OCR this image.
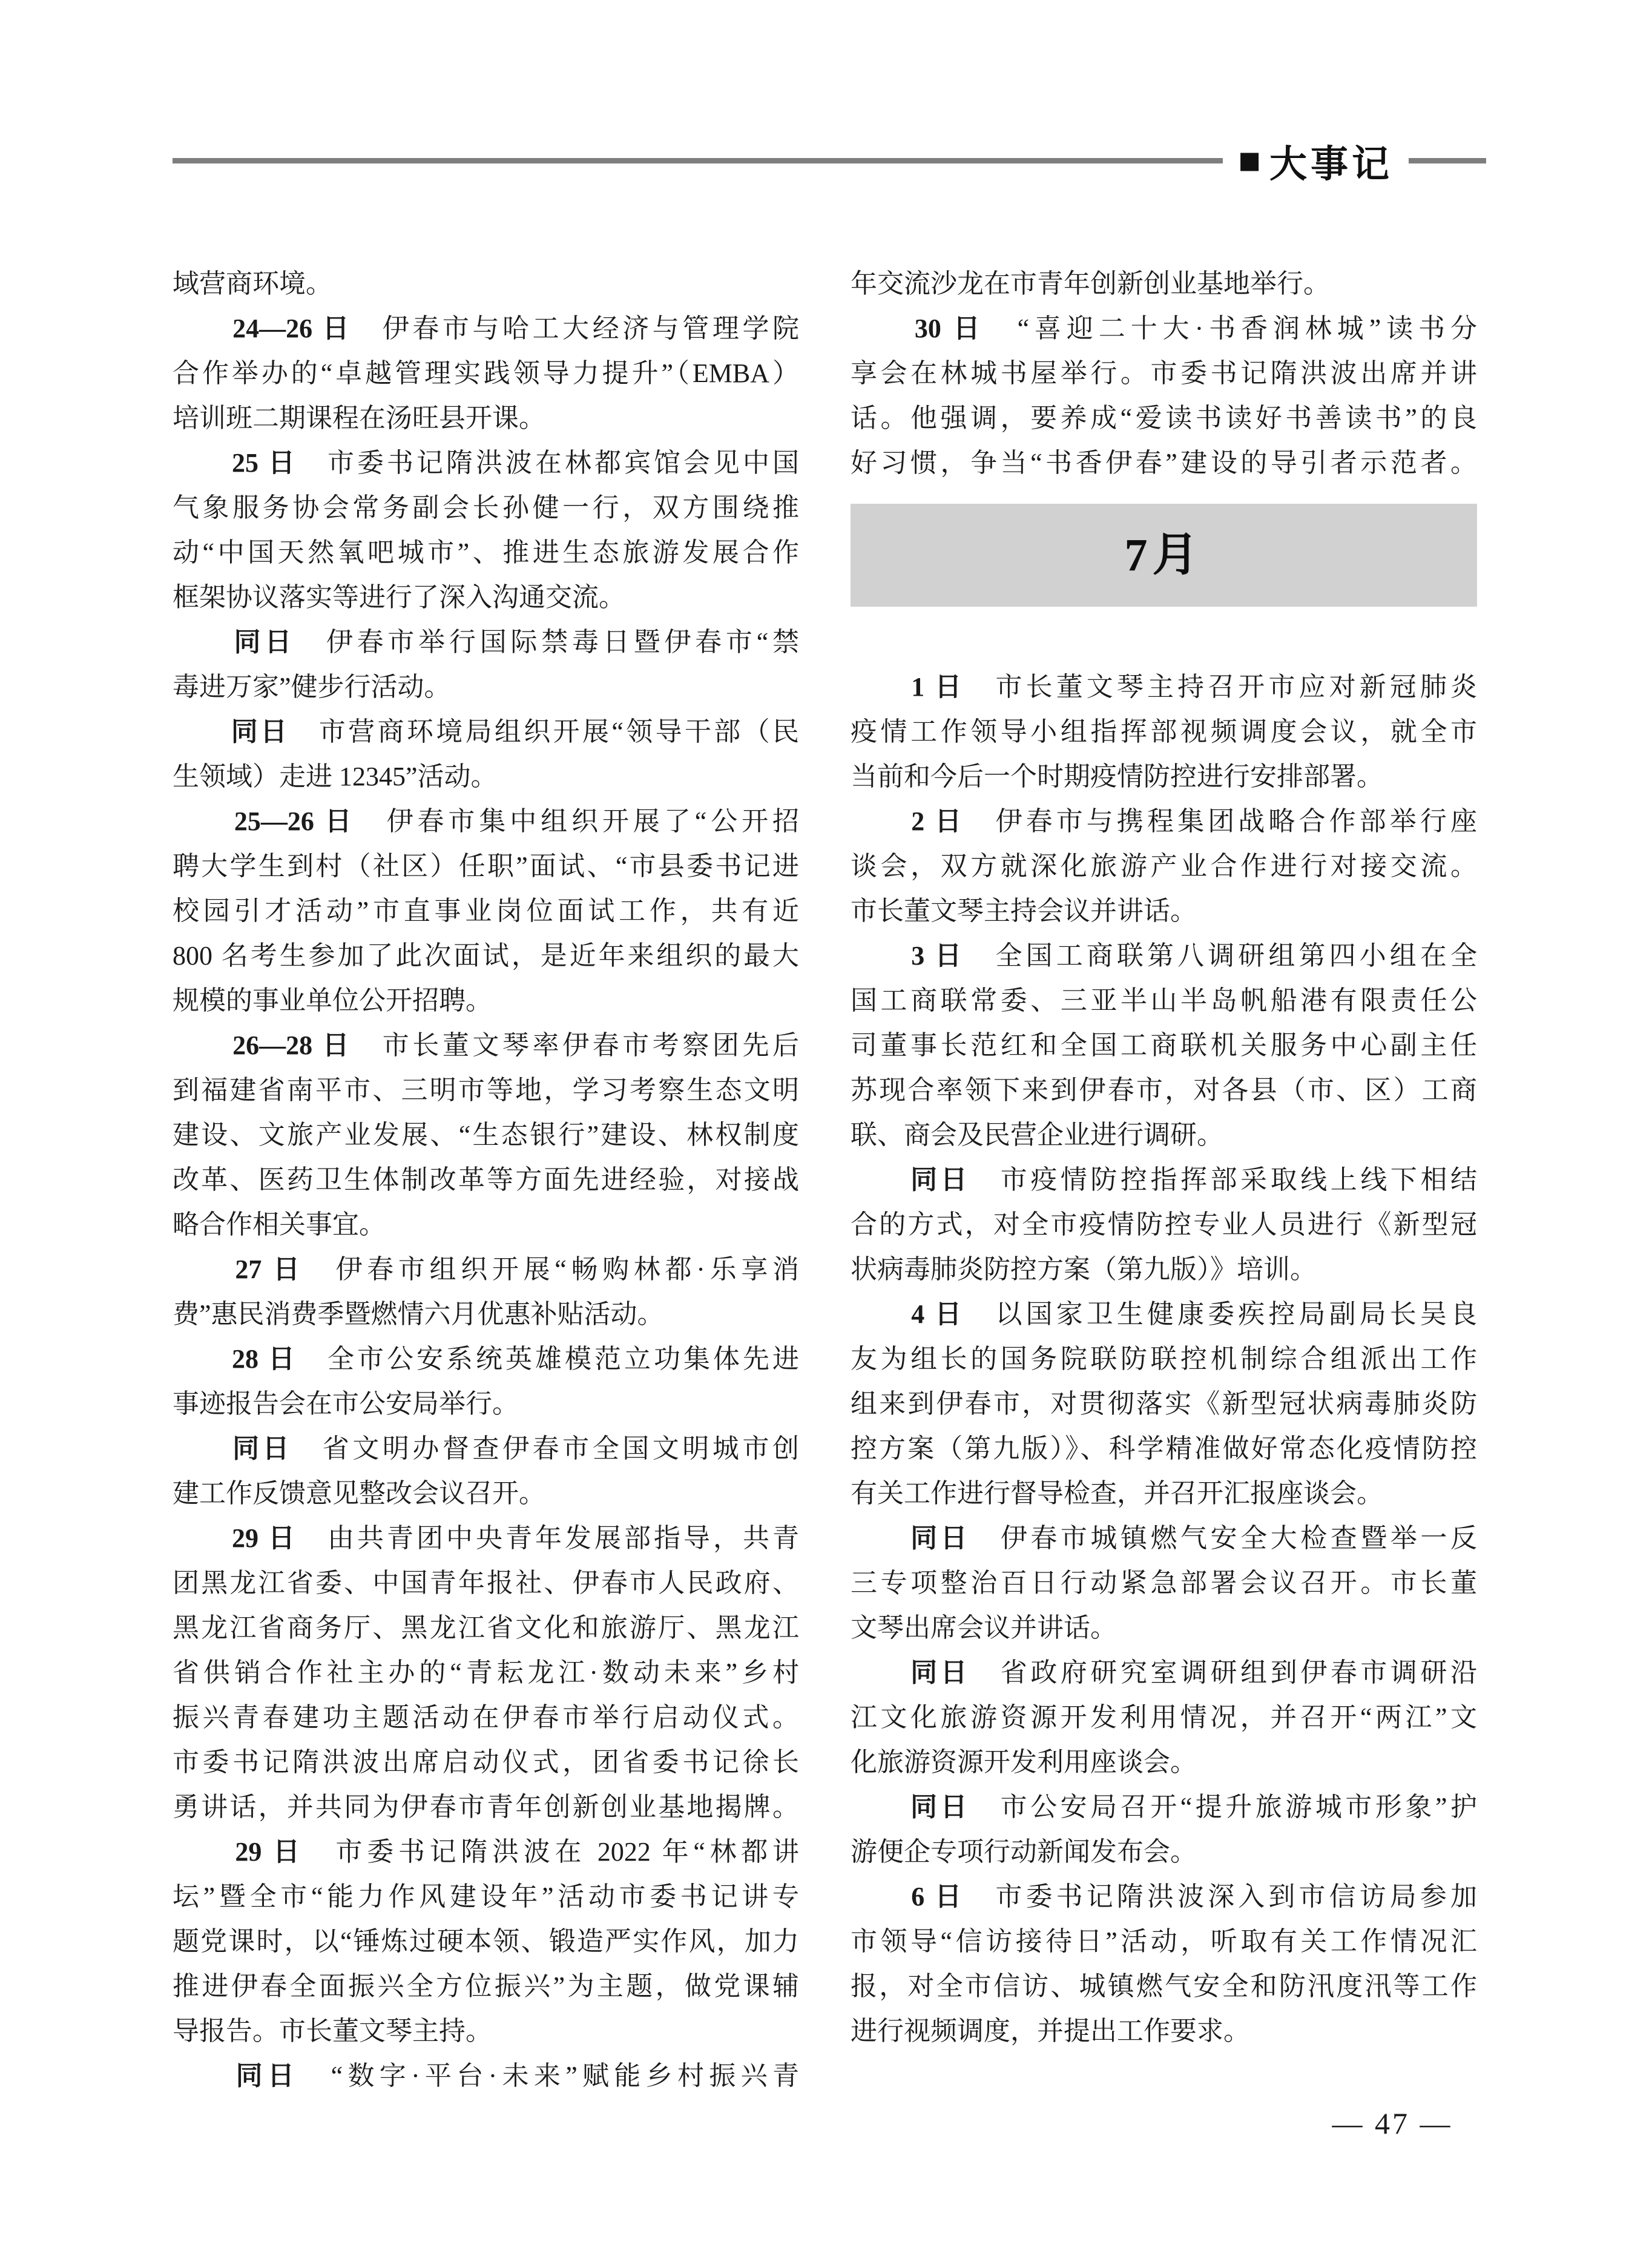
■ 大事记
域营商环境。
　　24—26 日　伊春市与哈工大经济与管理学院
合作举办的“卓越管理实践领导力提升”（EMBA）
培训班二期课程在汤旺县开课。
　　25 日　市委书记隋洪波在林都宾馆会见中国
气象服务协会常务副会长孙健一行，双方围绕推
动“中国天然氧吧城市”、推进生态旅游发展合作
框架协议落实等进行了深入沟通交流。
　　同日　伊春市举行国际禁毒日暨伊春市“禁
毒进万家”健步行活动。
　　同日　市营商环境局组织开展“领导干部（民
生领域）走进 12345”活动。
　　25—26 日　伊春市集中组织开展了“公开招
聘大学生到村（社区）任职”面试、“市县委书记进
校园引才活动”市直事业岗位面试工作，共有近
800 名考生参加了此次面试，是近年来组织的最大
规模的事业单位公开招聘。
　　26—28 日　市长董文琴率伊春市考察团先后
到福建省南平市、三明市等地，学习考察生态文明
建设、文旅产业发展、“生态银行”建设、林权制度
改革、医药卫生体制改革等方面先进经验，对接战
略合作相关事宜。
　　27 日　伊春市组织开展“畅购林都·乐享消
费”惠民消费季暨燃情六月优惠补贴活动。
　　28 日　全市公安系统英雄模范立功集体先进
事迹报告会在市公安局举行。
　　同日　省文明办督查伊春市全国文明城市创
建工作反馈意见整改会议召开。
　　29 日　由共青团中央青年发展部指导，共青
团黑龙江省委、中国青年报社、伊春市人民政府、
黑龙江省商务厅、黑龙江省文化和旅游厅、黑龙江
省供销合作社主办的“青耘龙江·数动未来”乡村
振兴青春建功主题活动在伊春市举行启动仪式。
市委书记隋洪波出席启动仪式，团省委书记徐长
勇讲话，并共同为伊春市青年创新创业基地揭牌。
　　29 日　市委书记隋洪波在 2022 年“林都讲
坛”暨全市“能力作风建设年”活动市委书记讲专
题党课时，以“锤炼过硬本领、锻造严实作风，加力
推进伊春全面振兴全方位振兴”为主题，做党课辅
导报告。市长董文琴主持。
　　同日　“数字·平台·未来”赋能乡村振兴青
年交流沙龙在市青年创新创业基地举行。
　　30 日　“喜迎二十大·书香润林城”读书分
享会在林城书屋举行。市委书记隋洪波出席并讲
话。他强调，要养成“爱读书读好书善读书”的良
好习惯，争当“书香伊春”建设的导引者示范者。
7月
　　1 日　市长董文琴主持召开市应对新冠肺炎
疫情工作领导小组指挥部视频调度会议，就全市
当前和今后一个时期疫情防控进行安排部署。
　　2 日　伊春市与携程集团战略合作部举行座
谈会，双方就深化旅游产业合作进行对接交流。
市长董文琴主持会议并讲话。
　　3 日　全国工商联第八调研组第四小组在全
国工商联常委、三亚半山半岛帆船港有限责任公
司董事长范红和全国工商联机关服务中心副主任
苏现合率领下来到伊春市，对各县（市、区）工商
联、商会及民营企业进行调研。
　　同日　市疫情防控指挥部采取线上线下相结
合的方式，对全市疫情防控专业人员进行《新型冠
状病毒肺炎防控方案（第九版）》培训。
　　4 日　以国家卫生健康委疾控局副局长吴良
友为组长的国务院联防联控机制综合组派出工作
组来到伊春市，对贯彻落实《新型冠状病毒肺炎防
控方案（第九版）》、科学精准做好常态化疫情防控
有关工作进行督导检查，并召开汇报座谈会。
　　同日　伊春市城镇燃气安全大检查暨举一反
三专项整治百日行动紧急部署会议召开。市长董
文琴出席会议并讲话。
　　同日　省政府研究室调研组到伊春市调研沿
江文化旅游资源开发利用情况，并召开“两江”文
化旅游资源开发利用座谈会。
　　同日　市公安局召开“提升旅游城市形象”护
游便企专项行动新闻发布会。
　　6 日　市委书记隋洪波深入到市信访局参加
市领导“信访接待日”活动，听取有关工作情况汇
报，对全市信访、城镇燃气安全和防汛度汛等工作
进行视频调度，并提出工作要求。
— 47 —
